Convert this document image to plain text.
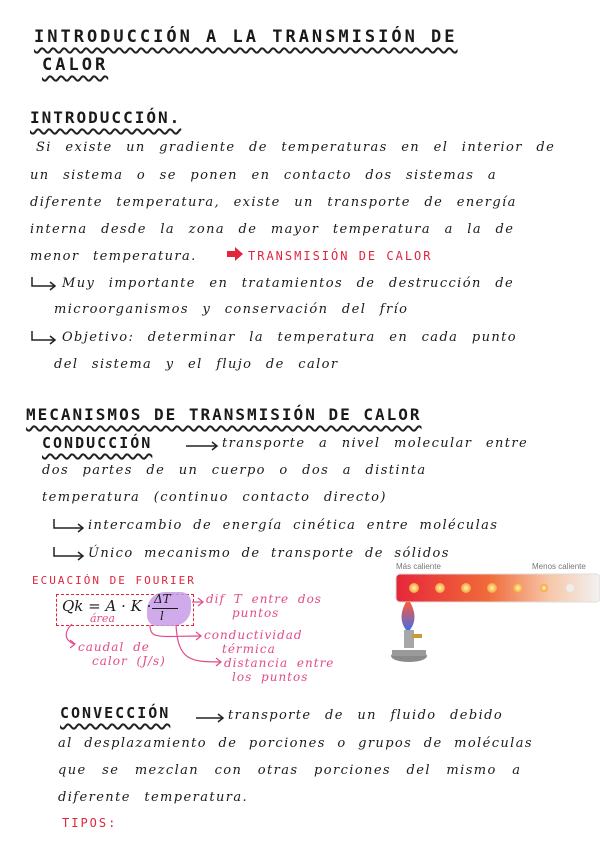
INTRODUCCIÓN A LA TRANSMISIÓN DE
CALOR
INTRODUCCIÓN.
Si existe un gradiente de temperaturas en el interior de
un sistema o se ponen en contacto dos sistemas a
diferente temperatura, existe un transporte de energía
interna desde la zona de mayor temperatura a la de
menor temperatura.	TRANSMISIÓN DE CALOR
Muy importante en tratamientos de destrucción de
microorganismos y conservación del frío
Objetivo: determinar la temperatura en cada punto
del sistema y el flujo de calor
MECANISMOS DE TRANSMISIÓN DE CALOR
CONDUCCIÓN	transporte a nivel molecular entre
dos partes de un cuerpo o dos a distinta
temperatura (continuo contacto directo)
intercambio de energía cinética entre moléculas
Único mecanismo de transporte de sólidos
ECUACIÓN DE FOURIER
Qk = A · K · ΔT
l
área
dif T entre dos
puntos
conductividad
térmica
distancia entre
los puntos
caudal de
calor (J/s)
Más caliente	Menos caliente
CONVECCIÓN	transporte de un fluido debido
al desplazamiento de porciones o grupos de moléculas
que se mezclan con otras porciones del mismo a
diferente temperatura.
TIPOS:
